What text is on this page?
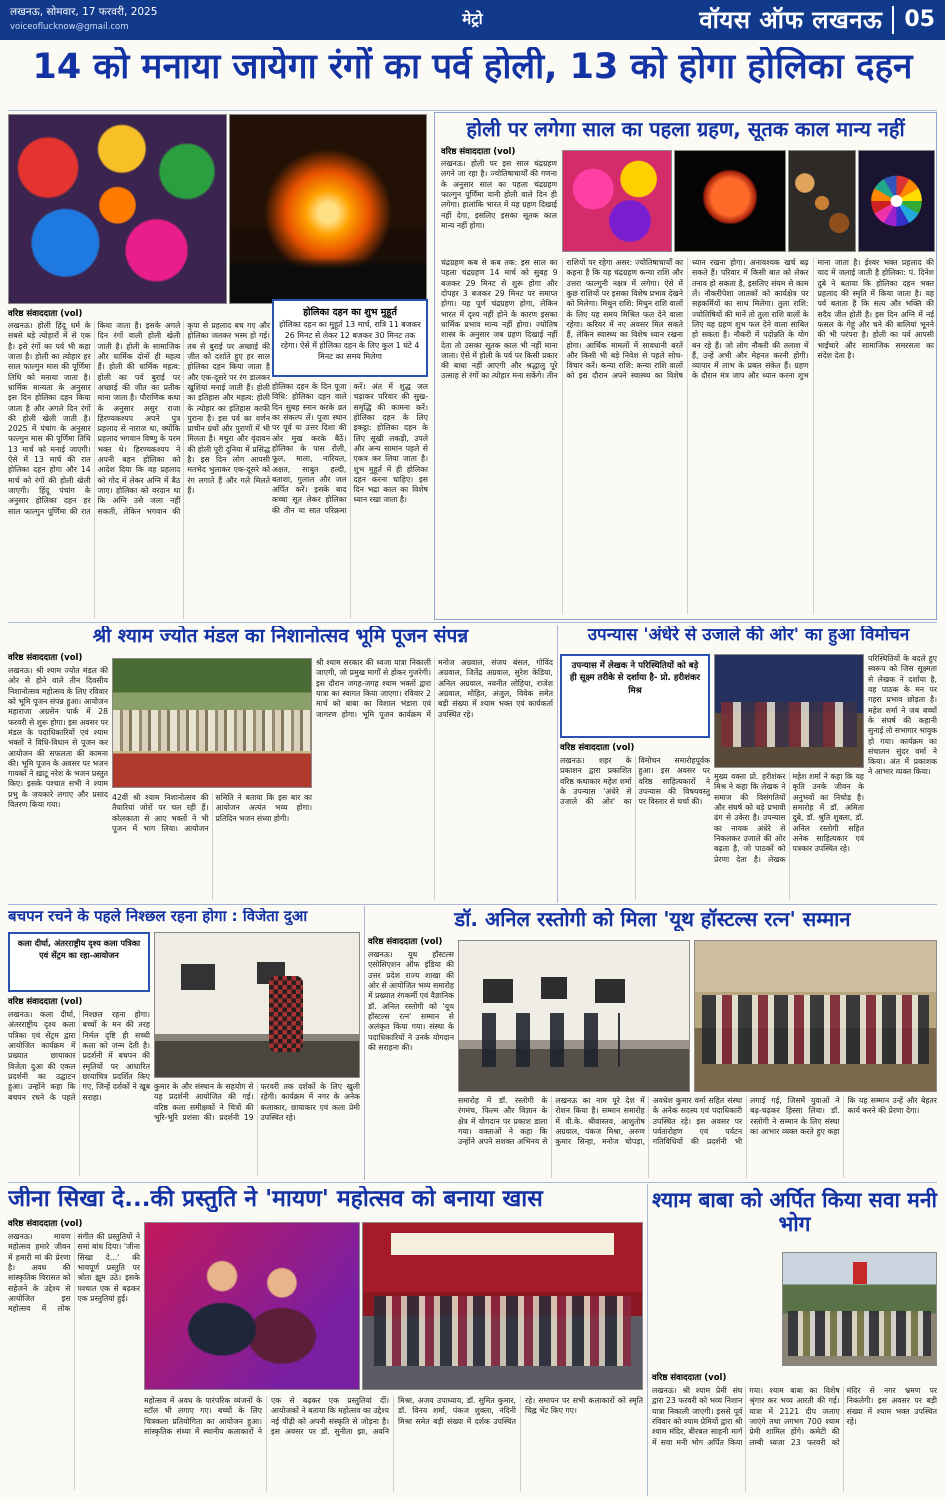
लखनऊ, सोमवार, 17 फरवरी, 2025
voiceoflucknow@gmail.com	मेट्रो	वॉयस ऑफ लखनऊ 05
14 को मनाया जायेगा रंगों का पर्व होली, 13 को होगा होलिका दहन
वरिष्ठ संवाददाता (vol)
लखनऊ। होली हिंदू धर्म के सबसे बड़े त्योहारों में से एक है। इसे रंगों का पर्व भी कहा जाता है। होली का त्योहार हर साल फाल्गुन मास की पूर्णिमा तिथि को मनाया जाता है। धार्मिक मान्यता के अनुसार इस दिन होलिका दहन किया जाता है और अगले दिन रंगों की होली खेली जाती है। 2025 में पंचांग के अनुसार फाल्गुन मास की पूर्णिमा तिथि 13 मार्च को मनाई जाएगी। ऐसे में 13 मार्च की रात होलिका दहन होगा और 14 मार्च को रंगों की होली खेली जाएगी। हिंदू पंचांग के अनुसार होलिका दहन हर साल फाल्गुन पूर्णिमा की रात किया जाता है। इसके अगले दिन रंगों वाली होली खेली जाती है। होली के सामाजिक और धार्मिक दोनों ही महत्व हैं। होली की धार्मिक महत्व: होली का पर्व बुराई पर अच्छाई की जीत का प्रतीक माना जाता है। पौराणिक कथा के अनुसार असुर राजा हिरण्यकश्यप अपने पुत्र प्रहलाद से नाराज था, क्योंकि प्रहलाद भगवान विष्णु के परम भक्त थे। हिरण्यकश्यप ने अपनी बहन होलिका को आदेश दिया कि वह प्रहलाद को गोद में लेकर अग्नि में बैठ जाए। होलिका को वरदान था कि अग्नि उसे जला नहीं सकती, लेकिन भगवान की कृपा से प्रहलाद बच गए और होलिका जलकर भस्म हो गई। तब से बुराई पर अच्छाई की जीत को दर्शाते हुए हर साल होलिका दहन किया जाता है और एक-दूसरे पर रंग डालकर खुशियां मनाई जाती हैं। होली का इतिहास और महत्व: होली के त्योहार का इतिहास काफी पुराना है। इस पर्व का वर्णन प्राचीन ग्रंथों और पुराणों में भी मिलता है। मथुरा और वृंदावन की होली पूरी दुनिया में प्रसिद्ध है। इस दिन लोग आपसी मतभेद भुलाकर एक-दूसरे को रंग लगाते हैं और गले मिलते हैं।
होलिका दहन का शुभ मुहूर्त
होलिका दहन का मुहूर्त 13 मार्च, रात्रि 11 बजकर 26 मिनट से लेकर 12 बजकर 30 मिनट तक रहेगा। ऐसे में होलिका दहन के लिए कुल 1 घंटे 4 मिनट का समय मिलेगा
होलिका दहन के दिन पूजा विधि: होलिका दहन वाले दिन सुबह स्नान करके व्रत का संकल्प लें। पूजा स्थान पर पूर्व या उत्तर दिशा की ओर मुख करके बैठें। होलिका के पास रोली, फूल, माला, नारियल, अक्षत, साबुत हल्दी, बताशा, गुलाल और जल अर्पित करें। इसके बाद कच्चा सूत लेकर होलिका की तीन या सात परिक्रमा करें। अंत में शुद्ध जल चढ़ाकर परिवार की सुख-समृद्धि की कामना करें। होलिका दहन के लिए इकट्ठा: होलिका दहन के लिए सूखी लकड़ी, उपले और अन्य सामान पहले से एकत्र कर लिया जाता है। शुभ मुहूर्त में ही होलिका दहन करना चाहिए। इस दिन भद्रा काल का विशेष ध्यान रखा जाता है।
होली पर लगेगा साल का पहला ग्रहण, सूतक काल मान्य नहीं
वरिष्ठ संवाददाता (vol)
लखनऊ। होली पर इस साल चंद्रग्रहण लगने जा रहा है। ज्योतिषाचार्यों की गणना के अनुसार साल का पहला चंद्रग्रहण फाल्गुन पूर्णिमा यानी होली वाले दिन ही लगेगा। हालांकि भारत में यह ग्रहण दिखाई नहीं देगा, इसलिए इसका सूतक काल मान्य नहीं होगा।
चंद्रग्रहण कब से कब तक: इस साल का पहला चंद्रग्रहण 14 मार्च को सुबह 9 बजकर 29 मिनट से शुरू होगा और दोपहर 3 बजकर 29 मिनट पर समाप्त होगा। यह पूर्ण चंद्रग्रहण होगा, लेकिन भारत में दृश्य नहीं होने के कारण इसका धार्मिक प्रभाव मान्य नहीं होगा। ज्योतिष शास्त्र के अनुसार जब ग्रहण दिखाई नहीं देता तो उसका सूतक काल भी नहीं माना जाता। ऐसे में होली के पर्व पर किसी प्रकार की बाधा नहीं आएगी और श्रद्धालु पूरे उत्साह से रंगों का त्योहार मना सकेंगे। तीन राशियों पर रहेगा असर: ज्योतिषाचार्यों का कहना है कि यह चंद्रग्रहण कन्या राशि और उत्तरा फाल्गुनी नक्षत्र में लगेगा। ऐसे में कुछ राशियों पर इसका विशेष प्रभाव देखने को मिलेगा। मिथुन राशि: मिथुन राशि वालों के लिए यह समय मिश्रित फल देने वाला रहेगा। करियर में नए अवसर मिल सकते हैं, लेकिन स्वास्थ्य का विशेष ध्यान रखना होगा। आर्थिक मामलों में सावधानी बरतें और किसी भी बड़े निवेश से पहले सोच-विचार करें। कन्या राशि: कन्या राशि वालों को इस दौरान अपने स्वास्थ्य का विशेष ध्यान रखना होगा। अनावश्यक खर्च बढ़ सकते हैं। परिवार में किसी बात को लेकर तनाव हो सकता है, इसलिए संयम से काम लें। नौकरीपेशा जातकों को कार्यक्षेत्र पर सहकर्मियों का साथ मिलेगा। तुला राशि: ज्योतिषियों की मानें तो तुला राशि वालों के लिए यह ग्रहण शुभ फल देने वाला साबित हो सकता है। नौकरी में पदोन्नति के योग बन रहे हैं। जो लोग नौकरी की तलाश में हैं, उन्हें अभी और मेहनत करनी होगी। व्यापार में लाभ के प्रबल संकेत हैं। ग्रहण के दौरान मंत्र जाप और ध्यान करना शुभ माना जाता है। ईश्वर भक्त प्रहलाद की याद में जलाई जाती है होलिका: पं. दिनेश दुबे ने बताया कि होलिका दहन भक्त प्रहलाद की स्मृति में किया जाता है। यह पर्व बताता है कि सत्य और भक्ति की सदैव जीत होती है। इस दिन अग्नि में नई फसल के गेहूं और चने की बालियां भूनने की भी परंपरा है। होली का पर्व आपसी भाईचारे और सामाजिक समरसता का संदेश देता है।
श्री श्याम ज्योत मंडल का निशानोत्सव भूमि पूजन संपन्न
वरिष्ठ संवाददाता (vol)
लखनऊ। श्री श्याम ज्योत मंडल की ओर से होने वाले तीन दिवसीय निशानोत्सव महोत्सव के लिए रविवार को भूमि पूजन संपन्न हुआ। आयोजन महाराजा अग्रसेन पार्क में 28 फरवरी से शुरू होगा। इस अवसर पर मंडल के पदाधिकारियों एवं श्याम भक्तों ने विधि-विधान से पूजन कर आयोजन की सफलता की कामना की। भूमि पूजन के अवसर पर भजन गायकों ने खाटू नरेश के भजन प्रस्तुत किए। इसके पश्चात सभी ने श्याम प्रभु के जयकारे लगाए और प्रसाद वितरण किया गया।
42वीं श्री श्याम निशानोत्सव की तैयारियां जोरों पर चल रही हैं। कोलकाता से आए भक्तों ने भी पूजन में भाग लिया। आयोजन समिति ने बताया कि इस बार का आयोजन अत्यंत भव्य होगा। प्रतिदिन भजन संध्या होगी।
श्री श्याम सरकार की ध्वजा यात्रा निकाली जाएगी, जो प्रमुख मार्गों से होकर गुजरेगी। इस दौरान जगह-जगह श्याम भक्तों द्वारा यात्रा का स्वागत किया जाएगा। रविवार 2 मार्च को बाबा का विशाल भंडारा एवं जागरण होगा। भूमि पूजन कार्यक्रम में मनोज अग्रवाल, संजय बंसल, गोविंद अग्रवाल, जितेंद्र अग्रवाल, सुरेश केडिया, अनिल अग्रवाल, नवनीत लोहिया, राजेश अग्रवाल, मोहित, अंजुल, विवेक समेत बड़ी संख्या में श्याम भक्त एवं कार्यकर्ता उपस्थित रहे।
उपन्यास 'अंधेरे से उजाले की ओर' का हुआ विमोचन
उपन्यास में लेखक ने परिस्थितियों को बड़े ही सूक्ष्म तरीके से दर्शाया है- प्रो. हरीशंकर मिश्र
वरिष्ठ संवाददाता (vol)
लखनऊ। शहर के प्रकाशन द्वारा प्रकाशित वरिष्ठ कथाकार महेश शर्मा के उपन्यास 'अंधेरे से उजाले की ओर' का विमोचन समारोहपूर्वक हुआ। इस अवसर पर वरिष्ठ साहित्यकारों ने उपन्यास की विषयवस्तु पर विस्तार से चर्चा की।
मुख्य वक्ता प्रो. हरीशंकर मिश्र ने कहा कि लेखक ने समाज की विसंगतियों और संघर्ष को बड़े प्रभावी ढंग से उकेरा है। उपन्यास का नायक अंधेरे से निकलकर उजाले की ओर बढ़ता है, जो पाठकों को प्रेरणा देता है। लेखक महेश शर्मा ने कहा कि यह कृति उनके जीवन के अनुभवों का निचोड़ है। समारोह में डॉ. अमिता दुबे, डॉ. श्रुति शुक्ला, डॉ. अनिल रस्तोगी सहित अनेक साहित्यकार एवं पत्रकार उपस्थित रहे।
परिस्थितियों के बदले हुए स्वरूप को जिस सूक्ष्मता से लेखक ने दर्शाया है, वह पाठक के मन पर गहरा प्रभाव छोड़ता है। महेश शर्मा ने जब बच्चों के संघर्ष की कहानी सुनाई तो सभागार भावुक हो गया। कार्यक्रम का संचालन सुंदर वर्मा ने किया। अंत में प्रकाशक ने आभार व्यक्त किया।
बचपन रचने के पहले निश्छल रहना होगा : विजेता दुआ
कला दीर्घा, अंतरराष्ट्रीय दृश्य कला पत्रिका एवं सेंट्रम का रहा-आयोजन
वरिष्ठ संवाददाता (vol)
लखनऊ। कला दीर्घा, अंतरराष्ट्रीय दृश्य कला पत्रिका एवं सेंट्रम द्वारा आयोजित कार्यक्रम में प्रख्यात छायाकार विजेता दुआ की एकल प्रदर्शनी का उद्घाटन हुआ। उन्होंने कहा कि बचपन रचने के पहले निश्छल रहना होगा। बच्चों के मन की तरह निर्मल दृष्टि ही सच्ची कला को जन्म देती है। प्रदर्शनी में बचपन की स्मृतियों पर आधारित छायाचित्र प्रदर्शित किए गए, जिन्हें दर्शकों ने खूब सराहा।
कुमार के और संस्थान के सहयोग से यह प्रदर्शनी आयोजित की गई। वरिष्ठ कला समीक्षकों ने चित्रों की भूरि-भूरि प्रशंसा की। प्रदर्शनी 19 फरवरी तक दर्शकों के लिए खुली रहेगी। कार्यक्रम में नगर के अनेक कलाकार, छायाकार एवं कला प्रेमी उपस्थित रहे।
डॉ. अनिल रस्तोगी को मिला 'यूथ हॉस्टल्स रत्न' सम्मान
वरिष्ठ संवाददाता (vol)
लखनऊ। यूथ हॉस्टल्स एसोसिएशन ऑफ इंडिया की उत्तर प्रदेश राज्य शाखा की ओर से आयोजित भव्य समारोह में प्रख्यात रंगकर्मी एवं वैज्ञानिक डॉ. अनिल रस्तोगी को 'यूथ हॉस्टल्स रत्न' सम्मान से अलंकृत किया गया। संस्था के पदाधिकारियों ने उनके योगदान की सराहना की।
समारोह में डॉ. रस्तोगी के रंगमंच, फिल्म और विज्ञान के क्षेत्र में योगदान पर प्रकाश डाला गया। वक्ताओं ने कहा कि उन्होंने अपने सशक्त अभिनय से लखनऊ का नाम पूरे देश में रोशन किया है। सम्मान समारोह में वी.के. श्रीवास्तव, आशुतोष अग्रवाल, पंकज मिश्रा, अरुण कुमार सिन्हा, मनोज चोपड़ा, अवधेश कुमार वर्मा सहित संस्था के अनेक सदस्य एवं पदाधिकारी उपस्थित रहे। इस अवसर पर पर्वतारोहण एवं पर्यटन गतिविधियों की प्रदर्शनी भी लगाई गई, जिसमें युवाओं ने बढ़-चढ़कर हिस्सा लिया। डॉ. रस्तोगी ने सम्मान के लिए संस्था का आभार व्यक्त करते हुए कहा कि यह सम्मान उन्हें और बेहतर कार्य करने की प्रेरणा देगा।
जीना सिखा दे...की प्रस्तुति ने 'मायण' महोत्सव को बनाया खास
वरिष्ठ संवाददाता (vol)
लखनऊ। मायण महोत्सव हमारे जीवन में हमारी मां की प्रेरणा है। अवध की सांस्कृतिक विरासत को सहेजने के उद्देश्य से आयोजित इस महोत्सव में लोक संगीत की प्रस्तुतियों ने समां बांध दिया। 'जीना सिखा दे...' की भावपूर्ण प्रस्तुति पर श्रोता झूम उठे। इसके पश्चात एक से बढ़कर एक प्रस्तुतियां हुईं।
महोत्सव में अवध के पारंपरिक व्यंजनों के स्टॉल भी लगाए गए। बच्चों के लिए चित्रकला प्रतियोगिता का आयोजन हुआ। सांस्कृतिक संध्या में स्थानीय कलाकारों ने एक से बढ़कर एक प्रस्तुतियां दीं। आयोजकों ने बताया कि महोत्सव का उद्देश्य नई पीढ़ी को अपनी संस्कृति से जोड़ना है। इस अवसर पर डॉ. सुनीता झा, अवनि मिश्रा, अजय उपाध्याय, डॉ. सुमित कुमार, डॉ. विनय शर्मा, पंकज शुक्ला, नंदिनी मिश्रा समेत बड़ी संख्या में दर्शक उपस्थित रहे। समापन पर सभी कलाकारों को स्मृति चिह्न भेंट किए गए।
श्याम बाबा को अर्पित किया सवा मनी भोग
वरिष्ठ संवाददाता (vol)
लखनऊ। श्री श्याम प्रेमी संघ द्वारा 23 फरवरी को भव्य निशान यात्रा निकाली जाएगी। इससे पूर्व रविवार को श्याम प्रेमियों द्वारा श्री श्याम मंदिर, बीरबल साहनी मार्ग में सवा मनी भोग अर्पित किया गया। श्याम बाबा का विशेष श्रृंगार कर भव्य आरती की गई। यात्रा में 2121 दीप जलाए जाएंगे तथा लगभग 700 श्याम प्रेमी शामिल होंगे। कमेटी की लम्बी ध्वजा 23 फरवरी को मंदिर से नगर भ्रमण पर निकलेगी। इस अवसर पर बड़ी संख्या में श्याम भक्त उपस्थित रहे।
